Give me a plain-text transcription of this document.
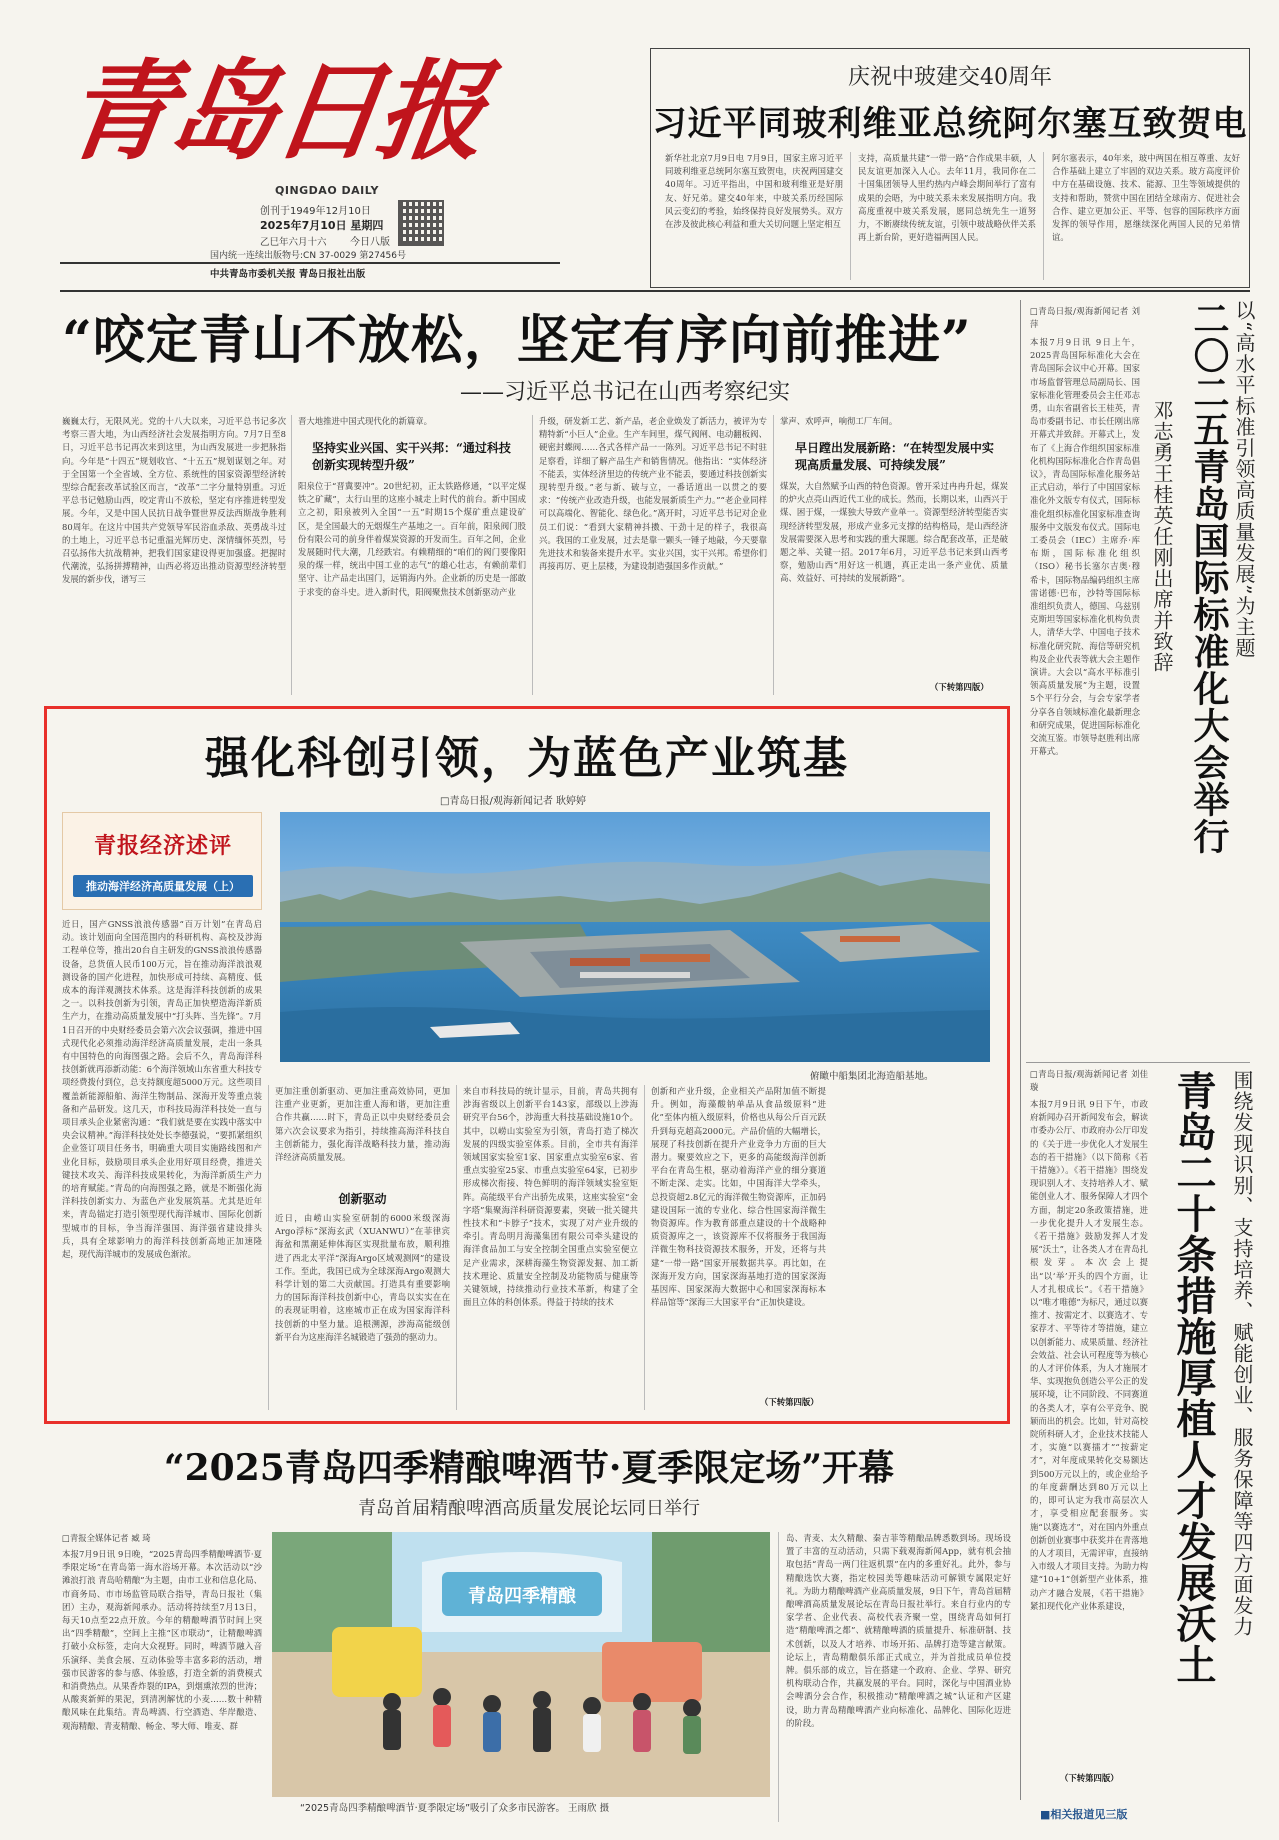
青岛日报
QINGDAO DAILY
创刊于1949年12月10日
2025年7月10日 星期四
乙巳年六月十六 今日八版
国内统一连续出版物号:CN 37-0029 第27456号
中共青岛市委机关报 青岛日报社出版
庆祝中玻建交40周年
习近平同玻利维亚总统阿尔塞互致贺电
新华社北京7月9日电 7月9日，国家主席习近平同玻利维亚总统阿尔塞互致贺电，庆祝两国建交40周年。习近平指出，中国和玻利维亚是好朋友、好兄弟。建交40年来，中玻关系历经国际风云变幻的考验，始终保持良好发展势头。双方在涉及彼此核心利益和重大关切问题上坚定相互
支持，高质量共建“一带一路”合作成果丰硕，人民友谊更加深入人心。去年11月，我同你在二十国集团领导人里约热内卢峰会期间举行了富有成果的会晤，为中玻关系未来发展指明方向。我高度重视中玻关系发展，愿同总统先生一道努力，不断赓续传统友谊，引领中玻战略伙伴关系再上新台阶，更好造福两国人民。
阿尔塞表示，40年来，玻中两国在相互尊重、友好合作基础上建立了牢固的双边关系。玻方高度评价中方在基础设施、技术、能源、卫生等领域提供的支持和帮助，赞赏中国在团结全球南方、促进社会合作、建立更加公正、平等、包容的国际秩序方面发挥的领导作用，愿继续深化两国人民的兄弟情谊。
“咬定青山不放松，坚定有序向前推进”
——习近平总书记在山西考察纪实
巍巍太行，无限风光。党的十八大以来，习近平总书记多次考察三晋大地，为山西经济社会发展指明方向。7月7日至8日，习近平总书记再次来到这里，为山西发展进一步把脉指向。今年是“十四五”规划收官、“十五五”规划谋划之年。对于全国第一个全省域、全方位、系统性的国家资源型经济转型综合配套改革试验区而言，“改革”二字分量特别重。习近平总书记勉励山西，咬定青山不放松，坚定有序推进转型发展。今年，又是中国人民抗日战争暨世界反法西斯战争胜利80周年。在这片中国共产党领导军民浴血杀敌、英勇战斗过的土地上，习近平总书记重温光辉历史、深情缅怀英烈，号召弘扬伟大抗战精神，把我们国家建设得更加强盛。把握时代潮流，弘扬拼搏精神，山西必将迈出推动资源型经济转型发展的新步伐，谱写三
晋大地推进中国式现代化的新篇章。
坚持实业兴国、实干兴邦：“通过科技创新实现转型升级”
阳泉位于“晋冀要冲”。20世纪初，正太铁路修通，“以平定煤铁之矿藏”，太行山里的这座小城走上时代的前台。新中国成立之初，阳泉被列入全国“一五”时期15个煤矿重点建设矿区，是全国最大的无烟煤生产基地之一。百年前，阳泉阀门股份有限公司的前身伴着煤炭资源的开发而生。百年之间，企业发展随时代大潮，几经跌宕。有赖精细的“咱们的阀门要像阳泉的煤一样，统出中国工业的志气”的雄心壮志，有赖前辈们坚守、让产品走出国门，远销海内外。企业新的历史是一部敢于求变的奋斗史。进入新时代，阳阀聚焦技术创新驱动产业
升级，研发新工艺、新产品，老企业焕发了新活力，被评为专精特新“小巨人”企业。生产车间里，煤气阀闸、电动翻板阀、硬密封蝶阀……各式各样产品一一陈列。习近平总书记不时驻足察看，详细了解产品生产和销售情况。他指出：“实体经济不能丢，实体经济里边的传统产业不能丢，要通过科技创新实现转型升级。”老与新、破与立，一番话道出一以贯之的要求：“传统产业改造升级，也能发展新质生产力。”“老企业同样可以高端化、智能化、绿色化。”离开时，习近平总书记对企业员工们说：“看到大家精神抖擞、干劲十足的样子，我很高兴。我国的工业发展，过去是靠一颗头一锤子地敲，今天要靠先进技术和装备来提升水平。实业兴国，实干兴邦。希望你们再接再厉、更上层楼，为建设制造强国多作贡献。”
掌声、欢呼声，响彻工厂车间。
早日蹚出发展新路：“在转型发展中实现高质量发展、可持续发展”
煤炭，大自然赋予山西的特色资源。曾开采过冉冉升起，煤炭的炉火点亮山西近代工业的成长。然而，长期以来，山西兴于煤、困于煤，一煤独大导致产业单一。资源型经济转型能否实现经济转型发展，形成产业多元支撑的结构格局，是山西经济发展需要深入思考和实践的重大课题。综合配套改革，正是破题之举、关键一招。2017年6月，习近平总书记来到山西考察，勉励山西“用好这一机遇，真正走出一条产业优、质量高、效益好、可持续的发展新路”。
（下转第四版）
强化科创引领，为蓝色产业筑基
□青岛日报/观海新闻记者 耿婷婷
青报经济述评
推动海洋经济高质量发展（上）
俯瞰中船集团北海造船基地。
近日，国产GNSS浪浪传感器“百万计划”在青岛启动。该计划面向全国范围内的科研机构、高校及涉海工程单位等，推出20台自主研发的GNSS浪浪传感器设备，总货值人民币100万元，旨在推动海洋浪浪观测设备的国产化进程，加快形成可持续、高精度、低成本的海洋观测技术体系。这是海洋科技创新的成果之一。以科技创新为引领，青岛正加快塑造海洋新质生产力，在推动高质量发展中“打头阵、当先锋”。7月1日召开的中央财经委员会第六次会议强调，推进中国式现代化必须推动海洋经济高质量发展，走出一条具有中国特色的向海图强之路。会后不久，青岛海洋科技创新就再添新动能：6个海洋领域山东省重大科技专项经费拨付到位，总支持额度超5000万元。这些项目覆盖新能源船舶、海洋生物制品、深海开发等重点装备和产品研发。这几天，市科技局海洋科技处一直与项目承头企业紧密沟通：“我们就是要在实践中落实中央会议精神。”海洋科技处处长李德强说，“要抓紧组织企业签订项目任务书，明确重大项目实施路线图和产业化目标，鼓励项目承头企业用好项目经费，推进关键技术攻关、海洋科技成果转化，为海洋新质生产力的培育赋能。”青岛的向海图强之路，就是不断强化海洋科技创新实力、为蓝色产业发展筑基。尤其是近年来，青岛锚定打造引领型现代海洋城市、国际化创新型城市的目标，争当海洋强国、海洋强省建设排头兵，具有全球影响力的海洋科技创新高地正加速隆起，现代海洋城市的发展成色渐浓。
更加注重创新驱动、更加注重高效协同，更加注重产业更新，更加注重人海和谐，更加注重合作共赢……时下，青岛正以中央财经委员会第六次会议要求为指引，持续推高海洋科技自主创新能力，强化海洋战略科技力量，推动海洋经济高质量发展。
创新驱动
近日，由崂山实验室研制的6000米级深海Argo浮标“深海玄武（XUANWU）”在菲律宾海盆和黑潮延伸体海区实现批量布放，顺利推进了西北太平洋“深海Argo区域观测网”的建设工作。至此，我国已成为全球深海Argo观测大科学计划的第二大贡献国。打造具有重要影响力的国际海洋科技创新中心，青岛以实实在在的表现证明着，这座城市正在成为国家海洋科技创新的中坚力量。追根溯源，涉海高能级创新平台为这座海洋名城锻造了强劲的驱动力。
来自市科技局的统计显示，目前，青岛共拥有涉海省级以上创新平台143家，部级以上涉海研究平台56个，涉海重大科技基础设施10个。其中，以崂山实验室为引领，青岛打造了梯次发展的四级实验室体系。目前，全市共有海洋领域国家实验室1家、国家重点实验室6家、省重点实验室25家、市重点实验室64家，已初步形成梯次衔接、特色鲜明的海洋领域实验室矩阵。高能级平台产出骄先成果，这座实验室“金字塔”集聚海洋科研资源要素，突破一批关键共性技术和“卡脖子”技术，实现了对产业升级的牵引。青岛明月海藻集团有限公司牵头建设的海洋食品加工与安全控制全国重点实验室便立足产业需求，深耕海藻生物资源发掘、加工新技术理论、质量安全控制及功能物质与健康等关键领域，持续推动行业技术革新，构建了全面且立体的科创体系。得益于持续的技术
创新和产业升级，企业相关产品附加值不断提升。例如，海藻酸钠单品从食品级原料“进化”至体内植入级原料，价格也从每公斤百元跃升到每克超高2000元。产品价值的大幅增长，展现了科技创新在提升产业竞争力方面的巨大潜力。聚要效应之下，更多的高能级海洋创新平台在青岛生根，驱动着海洋产业的细分赛道不断走深、走实。比如，中国海洋大学牵头，总投资超2.8亿元的海洋微生物资源库，正加码建设国际一流的专业化、综合性国家海洋微生物资源库。作为教育部重点建设的十个战略种质资源库之一，该资源库不仅将服务于我国海洋微生物科技资源技术服务，开发，还将与共建“一带一路”国家开展数据共享。再比如，在深海开发方向，国家深海基地打造的国家深海基因库、国家深海大数据中心和国家深海标本样品馆等“深海三大国家平台”正加快建设。
（下转第四版）
□青岛日报/观海新闻记者 刘 萍
本报7月9日讯 9日上午，2025青岛国际标准化大会在青岛国际会议中心开幕。国家市场监督管理总局副局长、国家标准化管理委员会主任邓志勇，山东省副省长王桂英，青岛市委副书记、市长任刚出席开幕式并致辞。开幕式上，发布了《上海合作组织国家标准化机构国际标准化合作青岛倡议》，青岛国际标准化服务站正式启动，举行了中国国家标准化外文版专有仪式，国际标准化组织标准化国家标准查询服务中文版发布仪式。国际电工委员会（IEC）主席乔·库布斯，国际标准化组织（ISO）秘书长塞尔吉奥·穆希卡，国际物品编码组织主席雷诺德·巴布，沙特等国际标准组织负责人，德国、乌兹别克斯坦等国家标准化机构负责人，清华大学、中国电子技术标准化研究院、海信等研究机构及企业代表等就大会主题作演讲。大会以“高水平标准引领高质量发展”为主题，设置5个平行分会，与会专家学者分享各自领域标准化最新理念和研究成果，促进国际标准化交流互鉴。市领导赵胜利出席开幕式。
以“高水平标准引领高质量发展”为主题
二〇二五青岛国际标准化大会举行
邓志勇王桂英任刚出席并致辞
□青岛日报/观海新闻记者 刘佳璇
本报7月9日讯 9日下午，市政府新闻办召开新闻发布会，解读市委办公厅、市政府办公厅印发的《关于进一步优化人才发展生态的若干措施》（以下简称《若干措施》）。《若干措施》围绕发现识别人才、支持培养人才、赋能创业人才、服务保障人才四个方面，制定20条政策措施，进一步优化提升人才发展生态。《若干措施》鼓励发挥人才发展“沃土”，让各类人才在青岛扎根发芽。本次会上提出“以‘举’开头的四个方面，让人才扎根成长”。《若干措施》以“唯才唯德”为标尺，通过以赛推才、按需定才、以赛选才、专家荐才、平等待才等措施，建立以创新能力、成果质量、经济社会效益、社会认可程度等为核心的人才评价体系，为人才施展才华、实现抱负创造公平公正的发展环境，让不同阶段、不同赛道的各类人才，享有公平竞争、脱颖而出的机会。比如，针对高校院所科研人才，企业技术技能人才，实施“以赛擂才”“按薪定才”，对年度成果转化交易额达到500万元以上的，或企业给予的年度薪酬达到80万元以上的，即可认定为我市高层次人才，享受相应配套服务。实施“以赛选才”，对在国内外重点创新创业赛事中获奖并在青落地的人才项目，无需评审，直接纳入市级人才项目支持。为助力构建“10+1”创新型产业体系，推动产才融合发展，《若干措施》紧扣现代化产业体系建设，	围绕发现识别、支持培养、赋能创业、服务保障等四方面发力
青岛二十条措施厚植人才发展沃土
（下转第四版）
“2025青岛四季精酿啤酒节·夏季限定场”开幕
青岛首届精酿啤酒高质量发展论坛同日举行
□青报全媒体记者 臧 琦
本报7月9日讯 9日晚，“2025青岛四季精酿啤酒节·夏季限定场”在青岛第一海水浴场开幕。本次活动以“沙滩浪打浪 青岛哈精酿”为主题，由市工业和信息化局、市商务局、市市场监管局联合指导，青岛日报社（集团）主办，观海新闻承办。活动将持续至7月13日，每天10点至22点开放。今年的精酿啤酒节时间上突出“四季精酿”，空间上主推“区市联动”，让精酿啤酒打破小众标签，走向大众视野。同时，啤酒节融入音乐演绎、美食会展、互动体验等丰富多彩的活动，增强市民游客的参与感、体验感，打造全新的消费模式和消费热点。从果香炸裂的IPA，到烟熏浓烈的世涛；从酸爽新鲜的果泥，到清冽解忧的小麦……数十种精酿风味在此集结。青岛啤酒、行空酒造、华岸酿造、观海精酿、青麦精酿、畅金、琴大师、唯麦、群
青岛四季精酿
“2025青岛四季精酿啤酒节·夏季限定场”吸引了众多市民游客。 王雨欣 摄
岛、青麦、太久精酿、秦吉菲等精酿品牌悉数到场。现场设置了丰富的互动活动，只需下载观海新闻App，就有机会抽取包括“青岛一两门往返机票”在内的多重好礼。此外，参与精酿选饮大赛，指定校园美等趣味活动可解锁专属限定好礼。为助力精酿啤酒产业高质量发展，9日下午，青岛首届精酿啤酒高质量发展论坛在青岛日报社举行。来自行业内的专家学者、企业代表、高校代表齐聚一堂，围绕青岛如何打造“精酿啤酒之都”、就精酿啤酒的质量提升、标准研制、技术创新，以及人才培养、市场开拓、品牌打造等建言献策。论坛上，青岛精酿俱乐部正式成立，并为首批成员单位授牌。俱乐部的成立，旨在搭建一个政府、企业、学界、研究机构联动合作，共赢发展的平台。同时，深化与中国酒业协会啤酒分会合作，积极推动“精酿啤酒之城”认证和产区建设，助力青岛精酿啤酒产业向标准化、品牌化、国际化迈进的阶段。
■相关报道见三版
